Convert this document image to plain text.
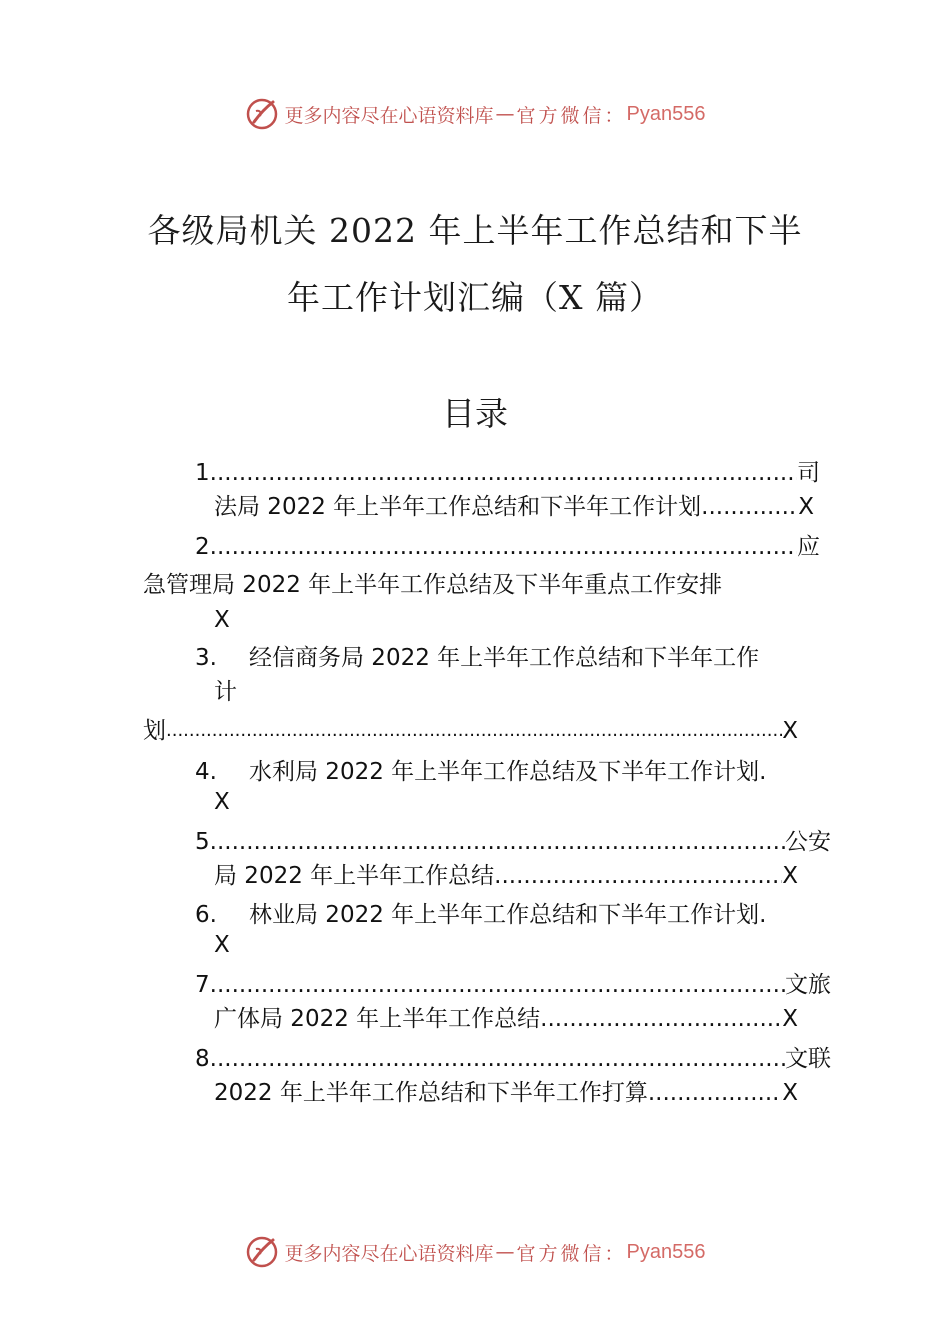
更多内容尽在心语资料库 — 官方微信： Pyan556
各级局机关 2022 年上半年工作总结和下半
年工作计划汇编（X 篇）
目录
1 .....	司
法局 2022 年上半年工作总结和下半年工作计划 .....	X
2 .....	应
急管理局 2022 年上半年工作总结及下半年重点工作安排
X
3.	经信商务局 2022 年上半年工作总结和下半年工作
计
划 .....	X
4.	水利局 2022 年上半年工作总结及下半年工作计划.
X
5 .....	公安
局 2022 年上半年工作总结 .....	X
6.	林业局 2022 年上半年工作总结和下半年工作计划.
X
7 .....	文旅
广体局 2022 年上半年工作总结 .....	X
8 .....	文联
2022 年上半年工作总结和下半年工作打算 .....	X
更多内容尽在心语资料库 — 官方微信： Pyan556
